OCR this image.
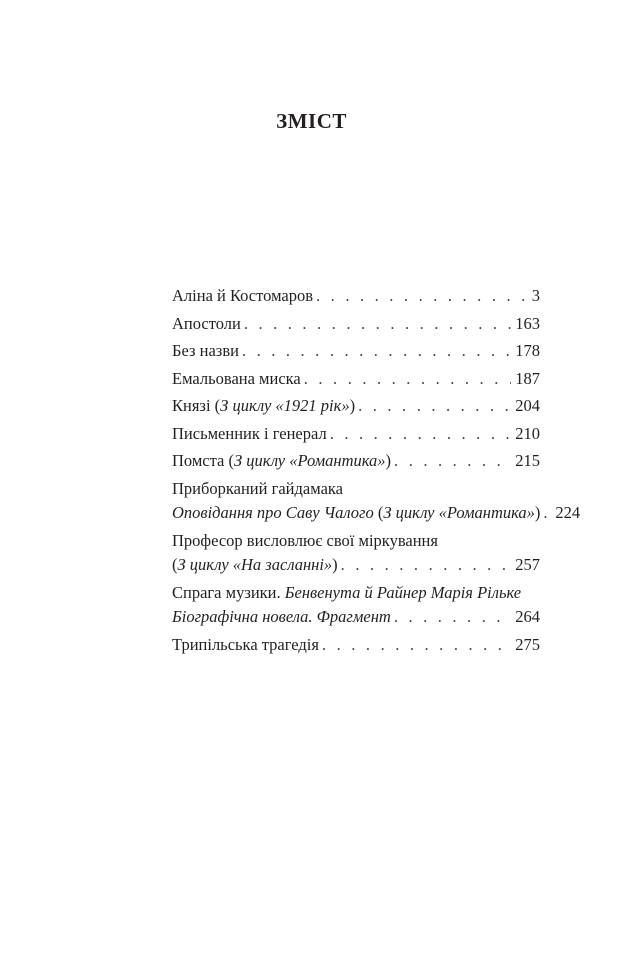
ЗМІСТ
Аліна й Костомаров . . .	3
Апостоли . . .	163
Без назви . . .	178
Емальована миска . . .	187
Князі (З циклу «1921 рік») . . .	204
Письменник і генерал . . .	210
Помста (З циклу «Романтика») . . .	215
Приборканий гайдамака
Оповідання про Саву Чалого (З циклу «Романтика») . . . 224
Професор висловлює свої міркування
(З циклу «На засланні») . . .	257
Спрага музики. Бенвенута й Райнер Марія Рільке
Біографічна новела. Фрагмент . . .	264
Трипільська трагедія . . .	275
